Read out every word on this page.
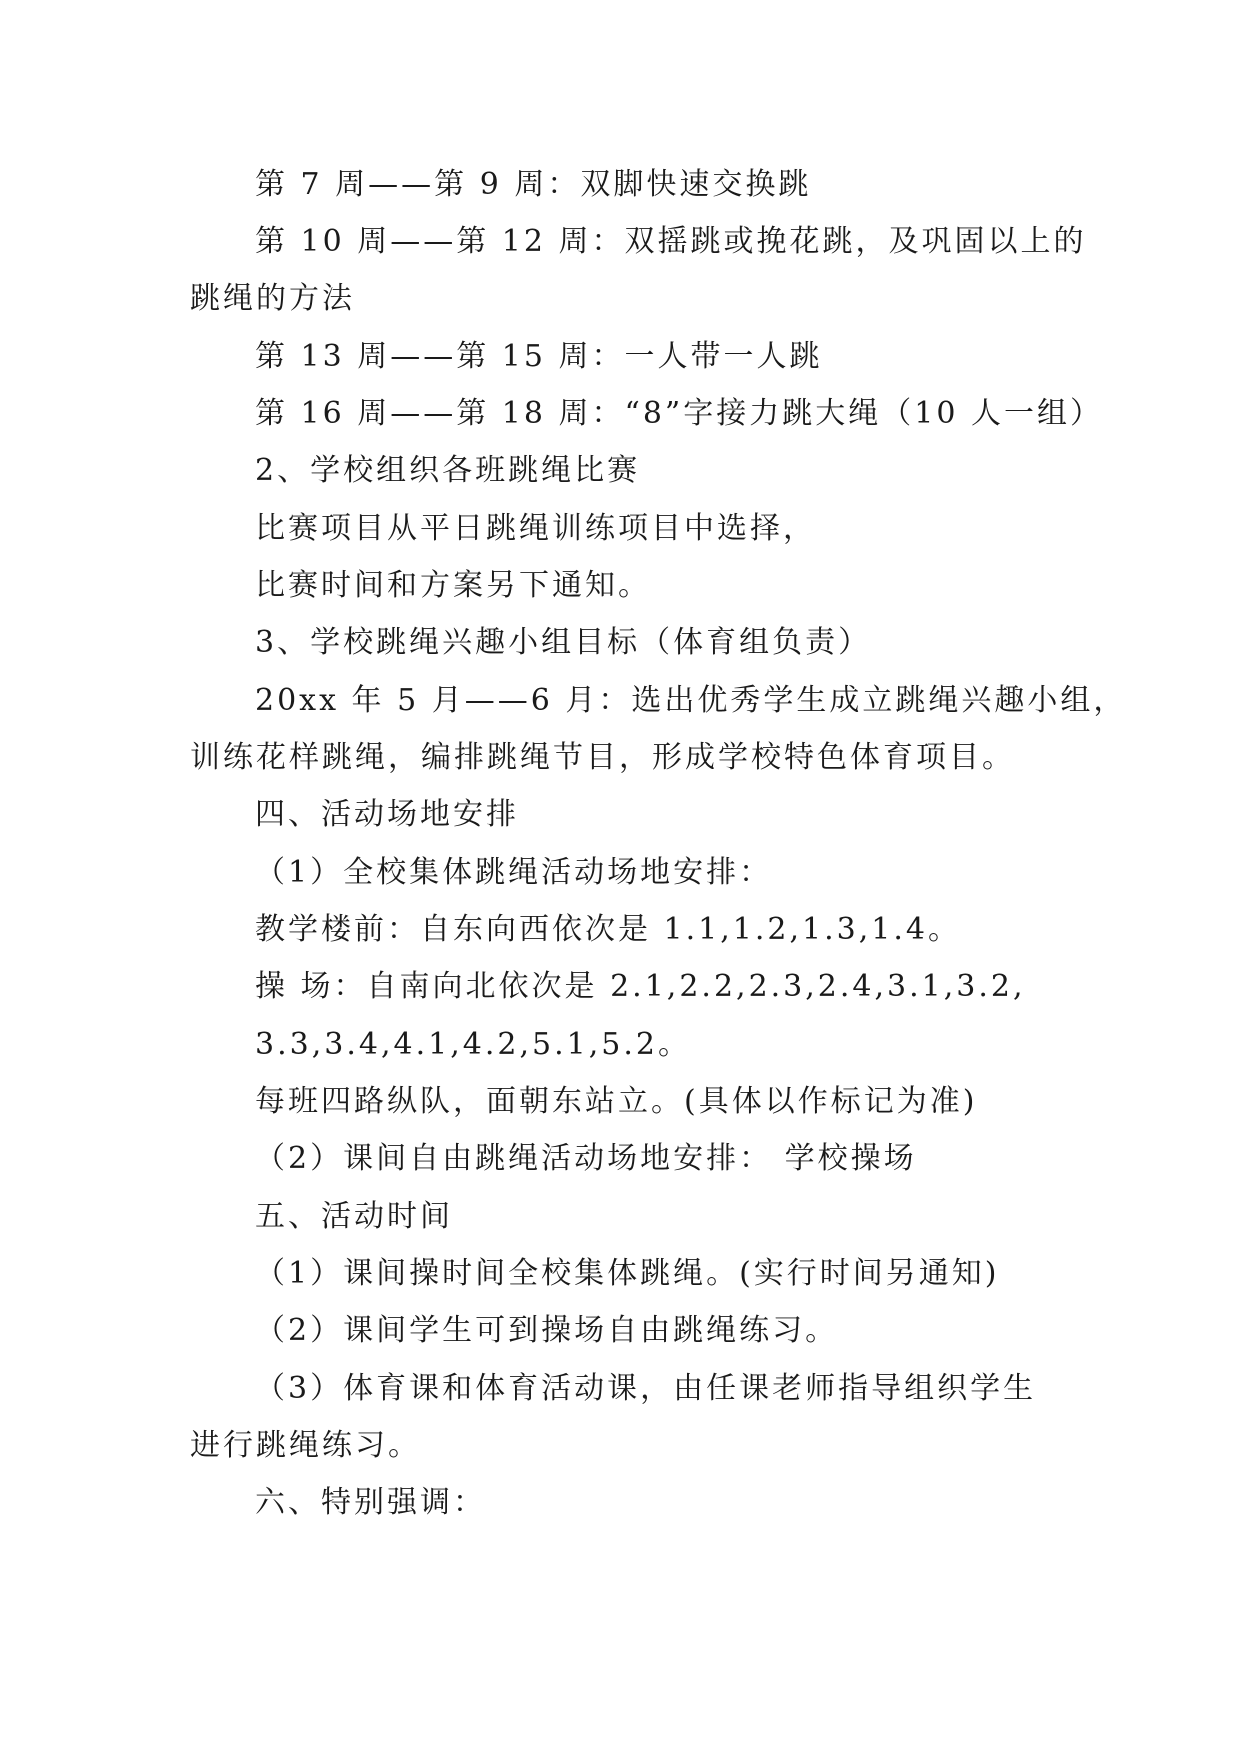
第 7 周——第 9 周：双脚快速交换跳
第 10 周——第 12 周：双摇跳或挽花跳，及巩固以上的
跳绳的方法
第 13 周——第 15 周：一人带一人跳
第 16 周——第 18 周：“8”字接力跳大绳（10 人一组）
2、学校组织各班跳绳比赛
比赛项目从平日跳绳训练项目中选择，
比赛时间和方案另下通知。
3、学校跳绳兴趣小组目标（体育组负责）
20xx 年 5 月——6 月：选出优秀学生成立跳绳兴趣小组，
训练花样跳绳，编排跳绳节目，形成学校特色体育项目。
四、活动场地安排
（1）全校集体跳绳活动场地安排：
教学楼前：自东向西依次是 1.1,1.2,1.3,1.4。
操 场：自南向北依次是 2.1,2.2,2.3,2.4,3.1,3.2,
3.3,3.4,4.1,4.2,5.1,5.2。
每班四路纵队，面朝东站立。(具体以作标记为准)
（2）课间自由跳绳活动场地安排： 学校操场
五、活动时间
（1）课间操时间全校集体跳绳。(实行时间另通知)
（2）课间学生可到操场自由跳绳练习。
（3）体育课和体育活动课，由任课老师指导组织学生
进行跳绳练习。
六、特别强调：
